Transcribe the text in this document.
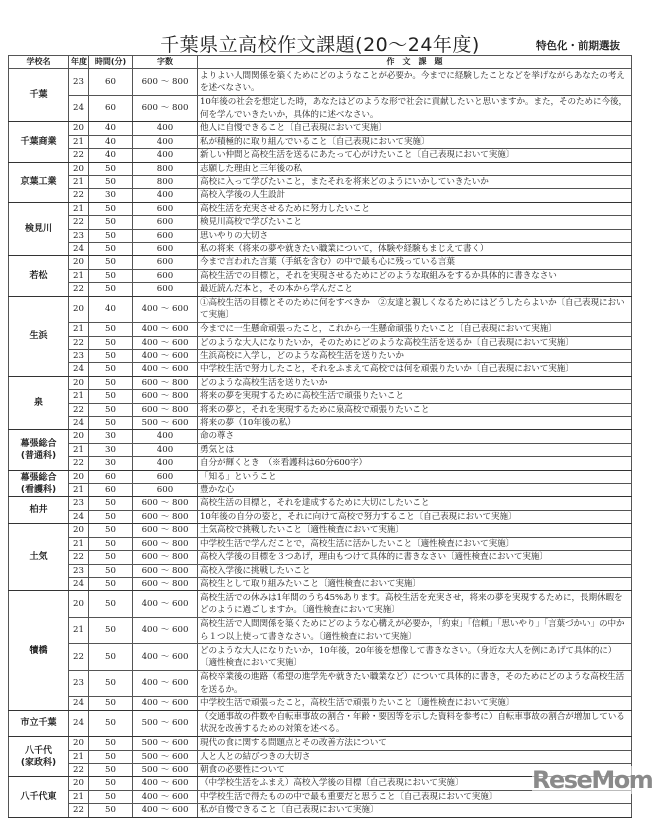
千葉県立高校作文課題(20～24年度)	特色化・前期選抜
学校名	年度	時間(分)	字数	作　文　課　題
千葉	23	60	600 ～ 800	よりよい人間関係を築くためにどのようなことが必要か。今までに経験したことなどを挙げながらあなたの考えを述べなさい。
	24	60	600 ～ 800	10年後の社会を想定した時，あなたはどのような形で社会に貢献したいと思いますか。また，そのために今後，何を学んでいきたいか，具体的に述べなさい。
千葉商業	20	40	400	他人に自慢できること〔自己表現において実施〕
	21	40	400	私が積極的に取り組んでいること〔自己表現において実施〕
	22	40	400	新しい仲間と高校生活を送るにあたって心がけたいこと〔自己表現において実施〕
京葉工業	20	50	800	志願した理由と三年後の私
	21	50	800	高校に入って学びたいこと，またそれを将来どのようにいかしていきたいか
	22	30	400	高校入学後の人生設計
検見川	21	50	600	高校生活を充実させるために努力したいこと
	22	50	600	検見川高校で学びたいこと
	23	50	600	思いやりの大切さ
	24	50	600	私の将来（将来の夢や就きたい職業について，体験や経験もまじえて書く）
若松	20	50	600	今まで言われた言葉（手紙を含む）の中で最も心に残っている言葉
	21	50	600	高校生活での目標と，それを実現させるためにどのような取組みをするか具体的に書きなさい
	22	50	600	最近読んだ本と，その本から学んだこと
生浜	20	40	400 ～ 600	①高校生活の目標とそのために何をすべきか　②友達と親しくなるためにはどうしたらよいか〔自己表現において実施〕
	21	50	400 ～ 600	今までに一生懸命頑張ったこと，これから一生懸命頑張りたいこと〔自己表現において実施〕
	22	50	400 ～ 600	どのような大人になりたいか，そのためにどのような高校生活を送るか〔自己表現において実施〕
	23	50	400 ～ 600	生浜高校に入学し，どのような高校生活を送りたいか
	24	50	400 ～ 600	中学校生活で努力したこと，それをふまえて高校では何を頑張りたいか〔自己表現において実施〕
泉	20	50	600 ～ 800	どのような高校生活を送りたいか
	21	50	600 ～ 800	将来の夢を実現するために高校生活で頑張りたいこと
	22	50	600 ～ 800	将来の夢と，それを実現するために泉高校で頑張りたいこと
	24	50	500 ～ 600	将来の夢（10年後の私）
幕張総合
(普通科)	20	30	400	命の尊さ
	21	30	400	勇気とは
	22	30	400	自分が輝くとき　（※看護科は60分600字）
幕張総合
(看護科)	20	60	600	「知る」ということ
	21	60	600	豊かな心
柏井	23	50	600 ～ 800	高校生活の目標と，それを達成するために大切にしたいこと
	24	50	600 ～ 800	10年後の自分の姿と，それに向けて高校で努力すること〔自己表現において実施〕
土気	20	50	600 ～ 800	土気高校で挑戦したいこと〔適性検査において実施〕
	21	50	600 ～ 800	中学校生活で学んだことで，高校生活に活かしたいこと〔適性検査において実施〕
	22	50	600 ～ 800	高校入学後の目標を３つあげ，理由もつけて具体的に書きなさい〔適性検査において実施〕
	23	50	600 ～ 800	高校入学後に挑戦したいこと
	24	50	600 ～ 800	高校生として取り組みたいこと〔適性検査において実施〕
犢橋	20	50	400 ～ 600	高校生活での休みは1年間のうち45%あります。高校生活を充実させ，将来の夢を実現するために，長期休暇をどのように過ごしますか。〔適性検査において実施〕
	21	50	400 ～ 600	高校生活で人間関係を築くためにどのような心構えが必要か，「約束」「信頼」「思いやり」「言葉づかい」の中から１つ以上使って書きなさい。〔適性検査において実施〕
	22	50	400 ～ 600	どのような大人になりたいか，10年後，20年後を想像して書きなさい。（身近な大人を例にあげて具体的に）〔適性検査において実施〕
	23	50	400 ～ 600	高校卒業後の進路（希望の進学先や就きたい職業など）について具体的に書き，そのためにどのような高校生活を送るか。
	24	50	400 ～ 600	中学校生活で頑張ったこと，高校生活で頑張りたいこと〔適性検査において実施〕
市立千葉	24	50	500 ～ 600	（交通事故の件数や自転車事故の割合・年齢・要因等を示した資料を参考に）自転車事故の割合が増加している状況を改善するための対策を述べる。
八千代
(家政科)	20	50	500 ～ 600	現代の食に関する問題点とその改善方法について
	21	50	500 ～ 600	人と人との結びつきの大切さ
	22	50	500 ～ 600	朝食の必要性について
八千代東	20	50	400 ～ 600	（中学校生活をふまえ）高校入学後の目標〔自己表現において実施〕
	21	50	400 ～ 600	中学校生活で得たものの中で最も重要だと思うこと〔自己表現において実施〕
	22	50	400 ～ 600	私が自慢できること〔自己表現において実施〕
ReseMom
